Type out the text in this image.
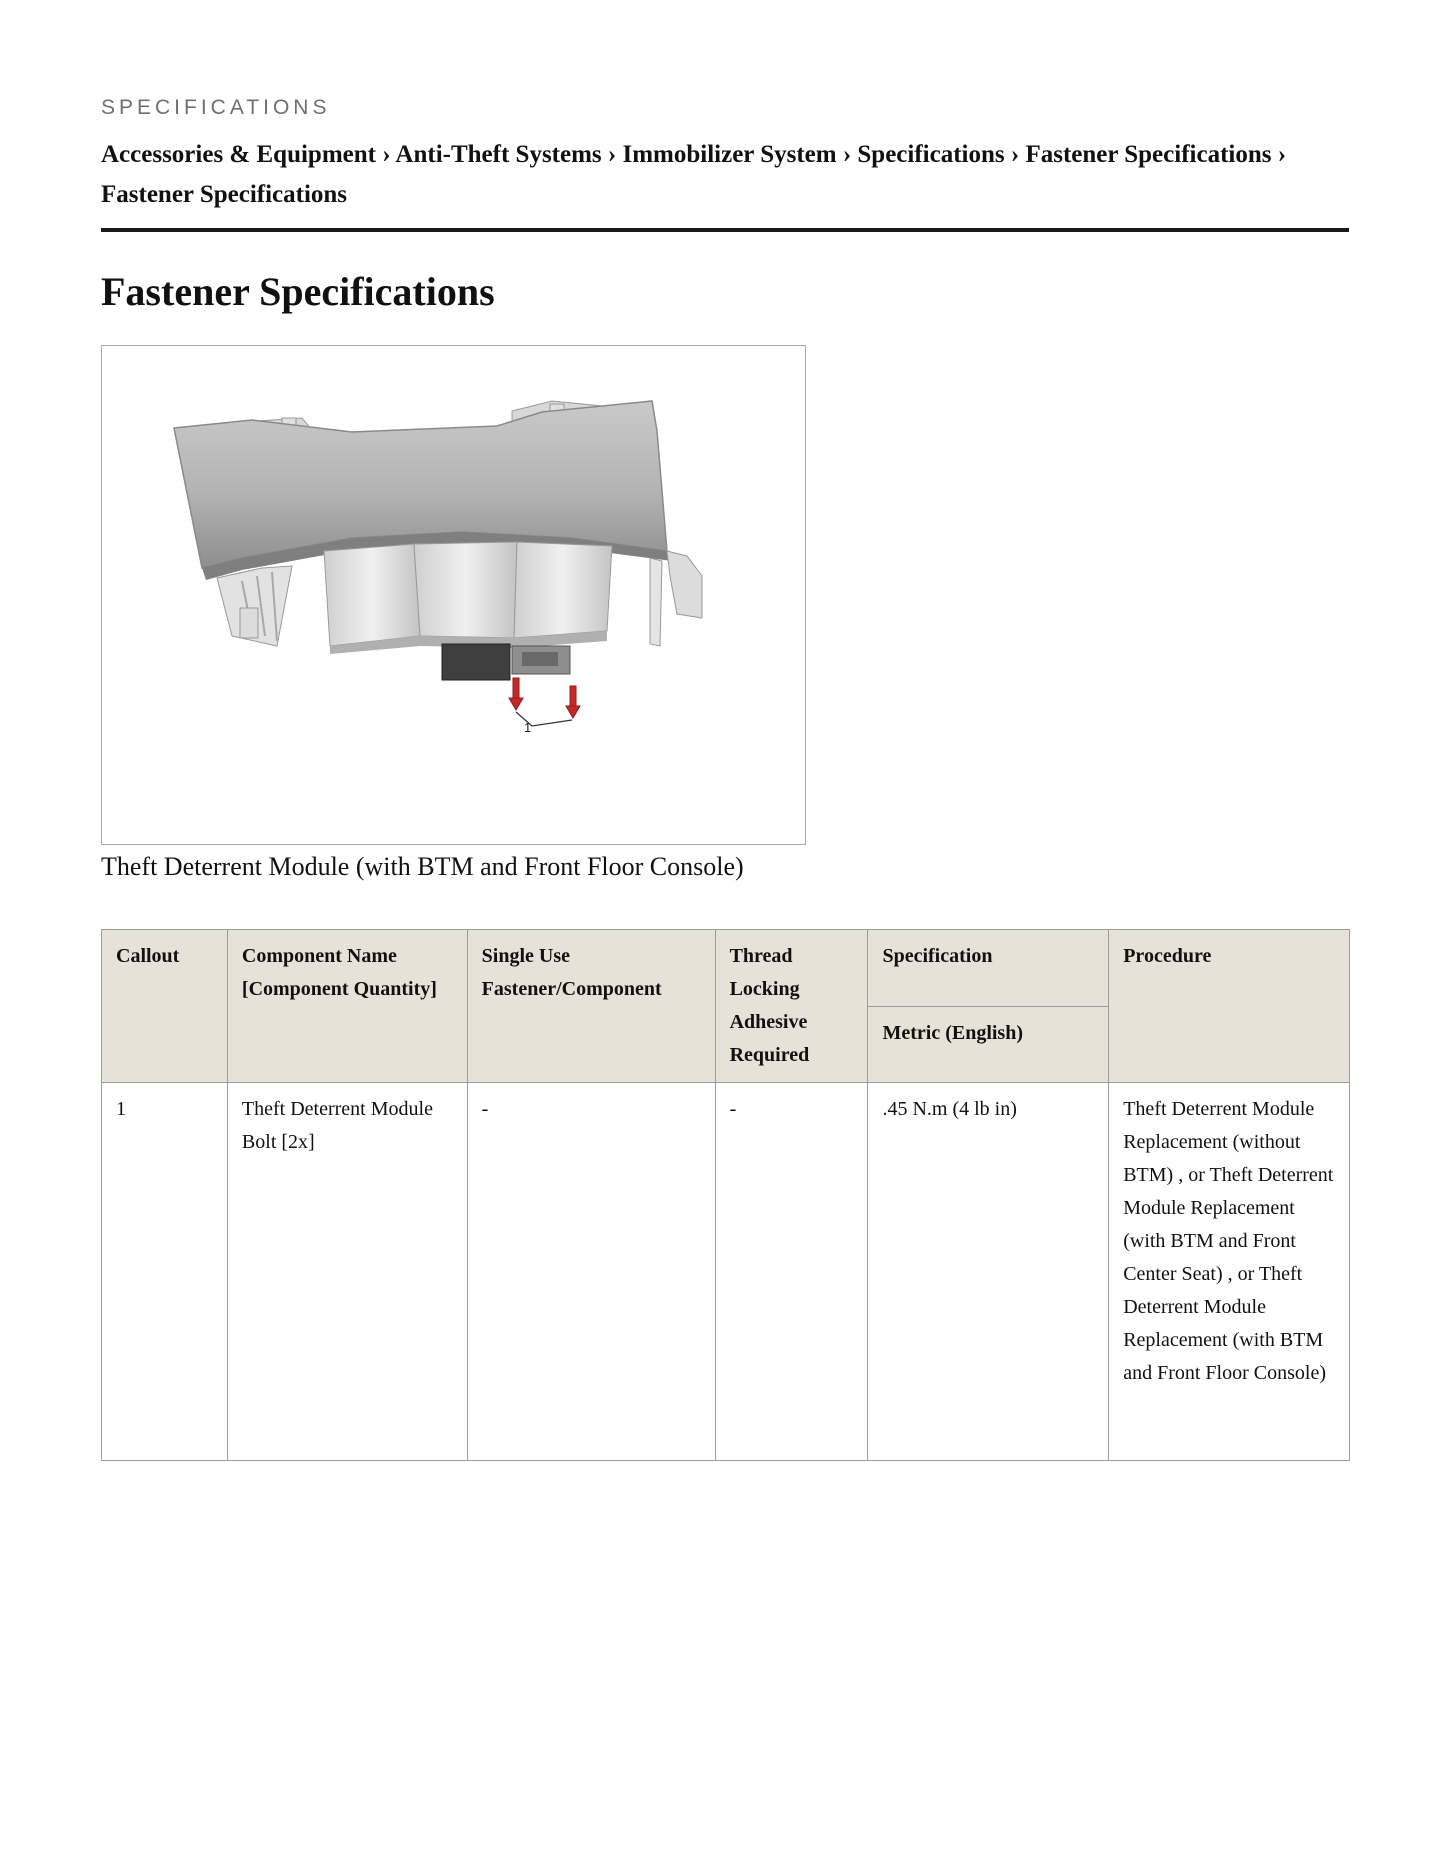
SPECIFICATIONS
Accessories & Equipment › Anti-Theft Systems › Immobilizer System › Specifications › Fastener Specifications › Fastener Specifications
Fastener Specifications
1
Theft Deterrent Module (with BTM and Front Floor Console)
Callout	Component Name [Component Quantity]	Single Use Fastener/Component	Thread Locking Adhesive Required	Specification	Procedure
				Metric (English)	
1	Theft Deterrent Module Bolt [2x]	-	-	.45 N.m (4 lb in)	Theft Deterrent Module Replacement (without BTM) , or Theft Deterrent Module Replacement (with BTM and Front Center Seat) , or Theft Deterrent Module Replacement (with BTM and Front Floor Console)
